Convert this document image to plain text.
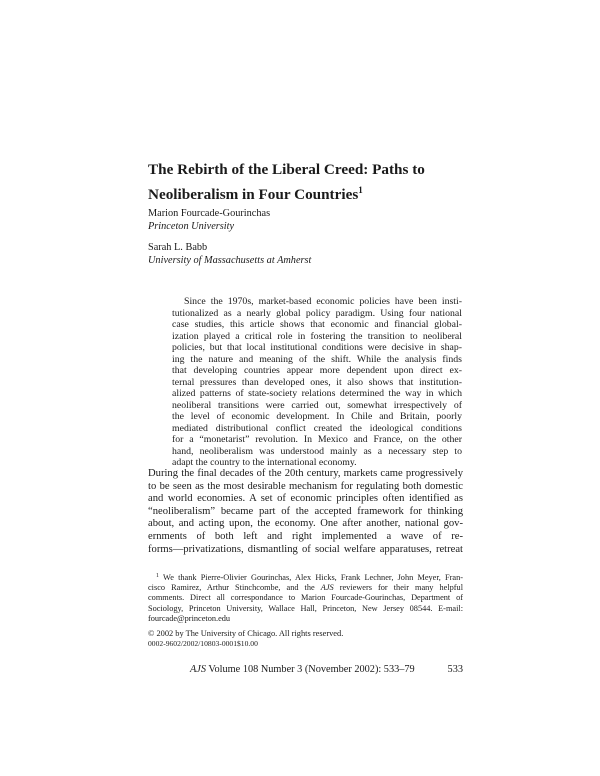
The Rebirth of the Liberal Creed: Paths to
Neoliberalism in Four Countries$^1$
Marion Fourcade-Gourinchas
Princeton University
Sarah L. Babb
University of Massachusetts at Amherst

Since the 1970s, market-based economic policies have been insti-
tutionalized as a nearly global policy paradigm. Using four national
case studies, this article shows that economic and financial global-
ization played a critical role in fostering the transition to neoliberal
policies, but that local institutional conditions were decisive in shap-
ing the nature and meaning of the shift. While the analysis finds
that developing countries appear more dependent upon direct ex-
ternal pressures than developed ones, it also shows that institution-
alized patterns of state-society relations determined the way in which
neoliberal transitions were carried out, somewhat irrespectively of
the level of economic development. In Chile and Britain, poorly
mediated distributional conflict created the ideological conditions
for a “monetarist” revolution. In Mexico and France, on the other
hand, neoliberalism was understood mainly as a necessary step to
adapt the country to the international economy.

During the final decades of the 20th century, markets came progressively
to be seen as the most desirable mechanism for regulating both domestic
and world economies. A set of economic principles often identified as
“neoliberalism” became part of the accepted framework for thinking
about, and acting upon, the economy. One after another, national gov-
ernments of both left and right implemented a wave of re-
forms—privatizations, dismantling of social welfare apparatuses, retreat

$^1$ We thank Pierre-Olivier Gourinchas, Alex Hicks, Frank Lechner, John Meyer, Fran-
cisco Ramirez, Arthur Stinchcombe, and the AJS reviewers for their many helpful
comments. Direct all correspondance to Marion Fourcade-Gourinchas, Department of
Sociology, Princeton University, Wallace Hall, Princeton, New Jersey 08544. E-mail:
fourcade@princeton.edu

© 2002 by The University of Chicago. All rights reserved.
0002-9602/2002/10803-0001$10.00
AJS Volume 108 Number 3 (November 2002): 533–79	533
